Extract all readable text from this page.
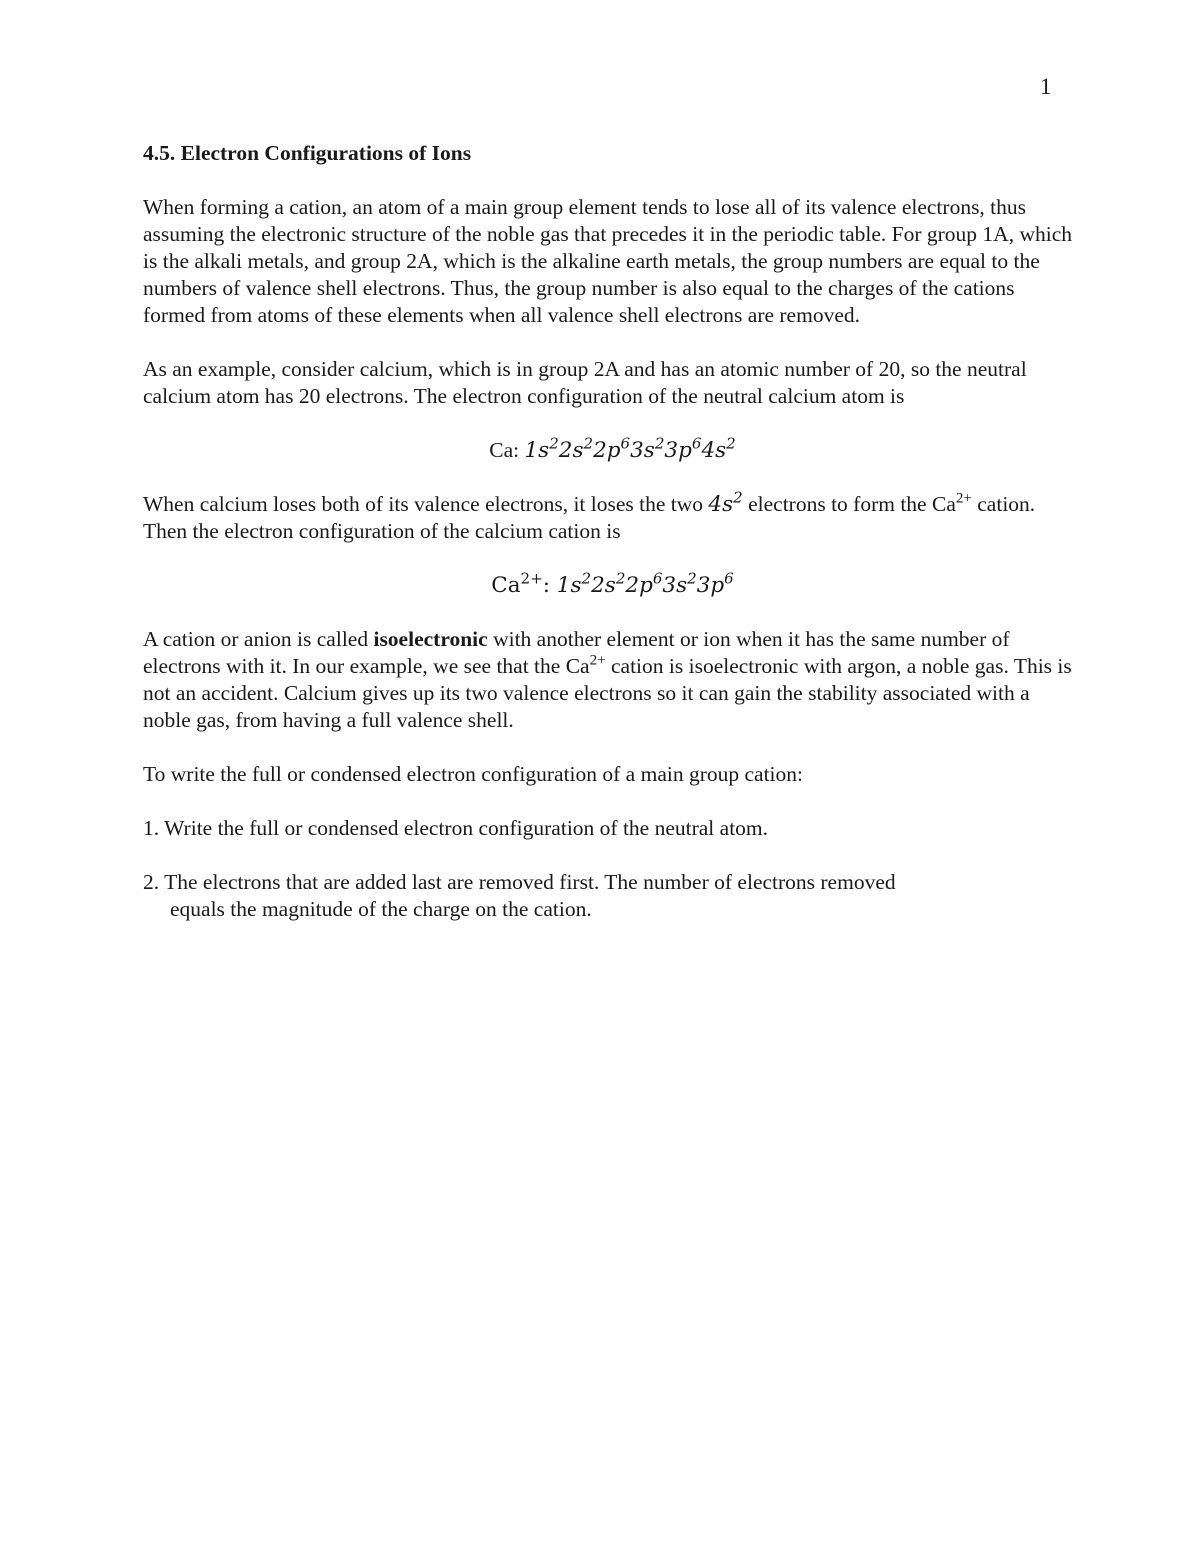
1
4.5. Electron Configurations of Ions
When forming a cation, an atom of a main group element tends to lose all of its valence electrons, thus assuming the electronic structure of the noble gas that precedes it in the periodic table. For group 1A, which is the alkali metals, and group 2A, which is the alkaline earth metals, the group numbers are equal to the numbers of valence shell electrons. Thus, the group number is also equal to the charges of the cations formed from atoms of these elements when all valence shell electrons are removed.
As an example, consider calcium, which is in group 2A and has an atomic number of 20, so the neutral calcium atom has 20 electrons. The electron configuration of the neutral calcium atom is
Ca: $1s^22s^22p^63s^23p^64s^2$
When calcium loses both of its valence electrons, it loses the two $4s^2$ electrons to form the $Ca^{2+}$ cation. Then the electron configuration of the calcium cation is
$Ca^{2+}$: $1s^22s^22p^63s^23p^6$
A cation or anion is called isoelectronic with another element or ion when it has the same number of electrons with it. In our example, we see that the $Ca^{2+}$ cation is isoelectronic with argon, a noble gas. This is not an accident. Calcium gives up its two valence electrons so it can gain the stability associated with a noble gas, from having a full valence shell.
To write the full or condensed electron configuration of a main group cation:
1. Write the full or condensed electron configuration of the neutral atom.
2. The electrons that are added last are removed first. The number of electrons removed
equals the magnitude of the charge on the cation.
